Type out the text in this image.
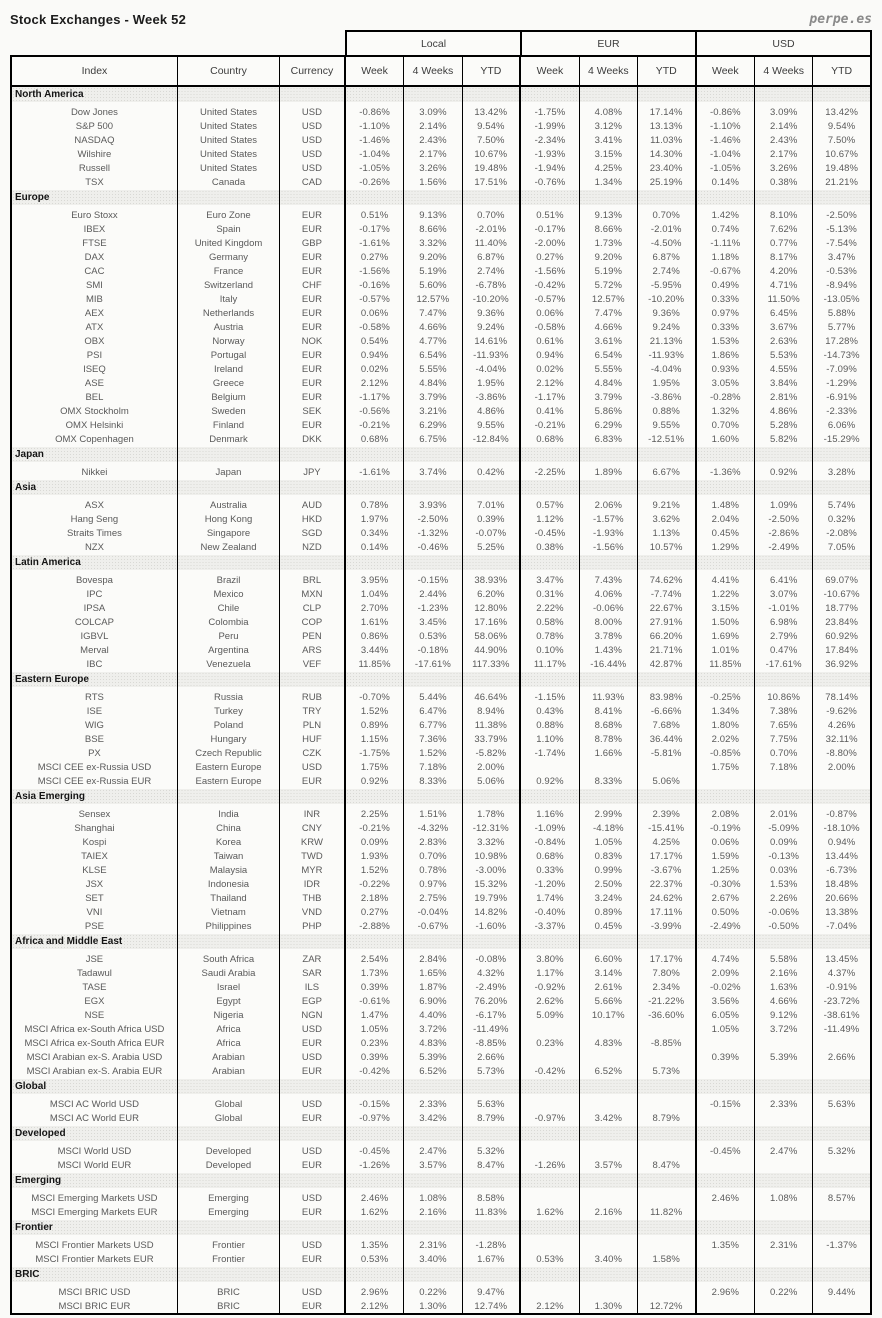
Stock Exchanges - Week 52	perpe.es
Local	EUR	USD
Index	Country	Currency	Week	4 Weeks	YTD	Week	4 Weeks	YTD	Week	4 Weeks	YTD
North America											

Dow Jones	United States	USD	-0.86%	3.09%	13.42%	-1.75%	4.08%	17.14%	-0.86%	3.09%	13.42%
S&P 500	United States	USD	-1.10%	2.14%	9.54%	-1.99%	3.12%	13.13%	-1.10%	2.14%	9.54%
NASDAQ	United States	USD	-1.46%	2.43%	7.50%	-2.34%	3.41%	11.03%	-1.46%	2.43%	7.50%
Wilshire	United States	USD	-1.04%	2.17%	10.67%	-1.93%	3.15%	14.30%	-1.04%	2.17%	10.67%
Russell	United States	USD	-1.05%	3.26%	19.48%	-1.94%	4.25%	23.40%	-1.05%	3.26%	19.48%
TSX	Canada	CAD	-0.26%	1.56%	17.51%	-0.76%	1.34%	25.19%	0.14%	0.38%	21.21%

Europe											

Euro Stoxx	Euro Zone	EUR	0.51%	9.13%	0.70%	0.51%	9.13%	0.70%	1.42%	8.10%	-2.50%
IBEX	Spain	EUR	-0.17%	8.66%	-2.01%	-0.17%	8.66%	-2.01%	0.74%	7.62%	-5.13%
FTSE	United Kingdom	GBP	-1.61%	3.32%	11.40%	-2.00%	1.73%	-4.50%	-1.11%	0.77%	-7.54%
DAX	Germany	EUR	0.27%	9.20%	6.87%	0.27%	9.20%	6.87%	1.18%	8.17%	3.47%
CAC	France	EUR	-1.56%	5.19%	2.74%	-1.56%	5.19%	2.74%	-0.67%	4.20%	-0.53%
SMI	Switzerland	CHF	-0.16%	5.60%	-6.78%	-0.42%	5.72%	-5.95%	0.49%	4.71%	-8.94%
MIB	Italy	EUR	-0.57%	12.57%	-10.20%	-0.57%	12.57%	-10.20%	0.33%	11.50%	-13.05%
AEX	Netherlands	EUR	0.06%	7.47%	9.36%	0.06%	7.47%	9.36%	0.97%	6.45%	5.88%
ATX	Austria	EUR	-0.58%	4.66%	9.24%	-0.58%	4.66%	9.24%	0.33%	3.67%	5.77%
OBX	Norway	NOK	0.54%	4.77%	14.61%	0.61%	3.61%	21.13%	1.53%	2.63%	17.28%
PSI	Portugal	EUR	0.94%	6.54%	-11.93%	0.94%	6.54%	-11.93%	1.86%	5.53%	-14.73%
ISEQ	Ireland	EUR	0.02%	5.55%	-4.04%	0.02%	5.55%	-4.04%	0.93%	4.55%	-7.09%
ASE	Greece	EUR	2.12%	4.84%	1.95%	2.12%	4.84%	1.95%	3.05%	3.84%	-1.29%
BEL	Belgium	EUR	-1.17%	3.79%	-3.86%	-1.17%	3.79%	-3.86%	-0.28%	2.81%	-6.91%
OMX Stockholm	Sweden	SEK	-0.56%	3.21%	4.86%	0.41%	5.86%	0.88%	1.32%	4.86%	-2.33%
OMX Helsinki	Finland	EUR	-0.21%	6.29%	9.55%	-0.21%	6.29%	9.55%	0.70%	5.28%	6.06%
OMX Copenhagen	Denmark	DKK	0.68%	6.75%	-12.84%	0.68%	6.83%	-12.51%	1.60%	5.82%	-15.29%

Japan											

Nikkei	Japan	JPY	-1.61%	3.74%	0.42%	-2.25%	1.89%	6.67%	-1.36%	0.92%	3.28%

Asia											

ASX	Australia	AUD	0.78%	3.93%	7.01%	0.57%	2.06%	9.21%	1.48%	1.09%	5.74%
Hang Seng	Hong Kong	HKD	1.97%	-2.50%	0.39%	1.12%	-1.57%	3.62%	2.04%	-2.50%	0.32%
Straits Times	Singapore	SGD	0.34%	-1.32%	-0.07%	-0.45%	-1.93%	1.13%	0.45%	-2.86%	-2.08%
NZX	New Zealand	NZD	0.14%	-0.46%	5.25%	0.38%	-1.56%	10.57%	1.29%	-2.49%	7.05%

Latin America											

Bovespa	Brazil	BRL	3.95%	-0.15%	38.93%	3.47%	7.43%	74.62%	4.41%	6.41%	69.07%
IPC	Mexico	MXN	1.04%	2.44%	6.20%	0.31%	4.06%	-7.74%	1.22%	3.07%	-10.67%
IPSA	Chile	CLP	2.70%	-1.23%	12.80%	2.22%	-0.06%	22.67%	3.15%	-1.01%	18.77%
COLCAP	Colombia	COP	1.61%	3.45%	17.16%	0.58%	8.00%	27.91%	1.50%	6.98%	23.84%
IGBVL	Peru	PEN	0.86%	0.53%	58.06%	0.78%	3.78%	66.20%	1.69%	2.79%	60.92%
Merval	Argentina	ARS	3.44%	-0.18%	44.90%	0.10%	1.43%	21.71%	1.01%	0.47%	17.84%
IBC	Venezuela	VEF	11.85%	-17.61%	117.33%	11.17%	-16.44%	42.87%	11.85%	-17.61%	36.92%

Eastern Europe											

RTS	Russia	RUB	-0.70%	5.44%	46.64%	-1.15%	11.93%	83.98%	-0.25%	10.86%	78.14%
ISE	Turkey	TRY	1.52%	6.47%	8.94%	0.43%	8.41%	-6.66%	1.34%	7.38%	-9.62%
WIG	Poland	PLN	0.89%	6.77%	11.38%	0.88%	8.68%	7.68%	1.80%	7.65%	4.26%
BSE	Hungary	HUF	1.15%	7.36%	33.79%	1.10%	8.78%	36.44%	2.02%	7.75%	32.11%
PX	Czech Republic	CZK	-1.75%	1.52%	-5.82%	-1.74%	1.66%	-5.81%	-0.85%	0.70%	-8.80%
MSCI CEE ex-Russia USD	Eastern Europe	USD	1.75%	7.18%	2.00%				1.75%	7.18%	2.00%
MSCI CEE ex-Russia EUR	Eastern Europe	EUR	0.92%	8.33%	5.06%	0.92%	8.33%	5.06%			

Asia Emerging											

Sensex	India	INR	2.25%	1.51%	1.78%	1.16%	2.99%	2.39%	2.08%	2.01%	-0.87%
Shanghai	China	CNY	-0.21%	-4.32%	-12.31%	-1.09%	-4.18%	-15.41%	-0.19%	-5.09%	-18.10%
Kospi	Korea	KRW	0.09%	2.83%	3.32%	-0.84%	1.05%	4.25%	0.06%	0.09%	0.94%
TAIEX	Taiwan	TWD	1.93%	0.70%	10.98%	0.68%	0.83%	17.17%	1.59%	-0.13%	13.44%
KLSE	Malaysia	MYR	1.52%	0.78%	-3.00%	0.33%	0.99%	-3.67%	1.25%	0.03%	-6.73%
JSX	Indonesia	IDR	-0.22%	0.97%	15.32%	-1.20%	2.50%	22.37%	-0.30%	1.53%	18.48%
SET	Thailand	THB	2.18%	2.75%	19.79%	1.74%	3.24%	24.62%	2.67%	2.26%	20.66%
VNI	Vietnam	VND	0.27%	-0.04%	14.82%	-0.40%	0.89%	17.11%	0.50%	-0.06%	13.38%
PSE	Philippines	PHP	-2.88%	-0.67%	-1.60%	-3.37%	0.45%	-3.99%	-2.49%	-0.50%	-7.04%

Africa and Middle East											

JSE	South Africa	ZAR	2.54%	2.84%	-0.08%	3.80%	6.60%	17.17%	4.74%	5.58%	13.45%
Tadawul	Saudi Arabia	SAR	1.73%	1.65%	4.32%	1.17%	3.14%	7.80%	2.09%	2.16%	4.37%
TASE	Israel	ILS	0.39%	1.87%	-2.49%	-0.92%	2.61%	2.34%	-0.02%	1.63%	-0.91%
EGX	Egypt	EGP	-0.61%	6.90%	76.20%	2.62%	5.66%	-21.22%	3.56%	4.66%	-23.72%
NSE	Nigeria	NGN	1.47%	4.40%	-6.17%	5.09%	10.17%	-36.60%	6.05%	9.12%	-38.61%
MSCI Africa ex-South Africa USD	Africa	USD	1.05%	3.72%	-11.49%				1.05%	3.72%	-11.49%
MSCI Africa ex-South Africa EUR	Africa	EUR	0.23%	4.83%	-8.85%	0.23%	4.83%	-8.85%			
MSCI Arabian ex-S. Arabia USD	Arabian	USD	0.39%	5.39%	2.66%				0.39%	5.39%	2.66%
MSCI Arabian ex-S. Arabia EUR	Arabian	EUR	-0.42%	6.52%	5.73%	-0.42%	6.52%	5.73%			

Global											

MSCI AC World USD	Global	USD	-0.15%	2.33%	5.63%				-0.15%	2.33%	5.63%
MSCI AC World EUR	Global	EUR	-0.97%	3.42%	8.79%	-0.97%	3.42%	8.79%			

Developed											

MSCI World USD	Developed	USD	-0.45%	2.47%	5.32%				-0.45%	2.47%	5.32%
MSCI World EUR	Developed	EUR	-1.26%	3.57%	8.47%	-1.26%	3.57%	8.47%			

Emerging											

MSCI Emerging Markets USD	Emerging	USD	2.46%	1.08%	8.58%				2.46%	1.08%	8.57%
MSCI Emerging Markets EUR	Emerging	EUR	1.62%	2.16%	11.83%	1.62%	2.16%	11.82%			

Frontier											

MSCI Frontier Markets USD	Frontier	USD	1.35%	2.31%	-1.28%				1.35%	2.31%	-1.37%
MSCI Frontier Markets EUR	Frontier	EUR	0.53%	3.40%	1.67%	0.53%	3.40%	1.58%			

BRIC											

MSCI BRIC USD	BRIC	USD	2.96%	0.22%	9.47%				2.96%	0.22%	9.44%
MSCI BRIC EUR	BRIC	EUR	2.12%	1.30%	12.74%	2.12%	1.30%	12.72%			
